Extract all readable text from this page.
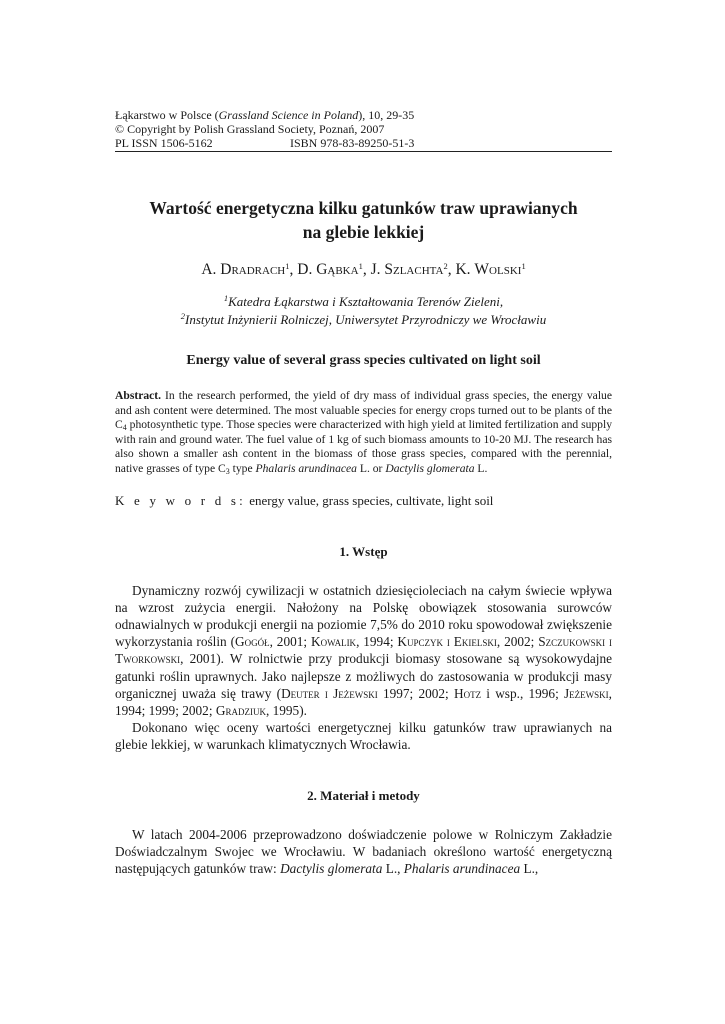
Łąkarstwo w Polsce (Grassland Science in Poland), 10, 29-35
© Copyright by Polish Grassland Society, Poznań, 2007
PL ISSN 1506-5162	ISBN 978-83-89250-51-3
Wartość energetyczna kilku gatunków traw uprawianych
na glebie lekkiej
A. Dradrach$^1$, D. Gąbka$^1$, J. Szlachta$^2$, K. Wolski$^1$
$^1$Katedra Łąkarstwa i Kształtowania Terenów Zieleni,
$^2$Instytut Inżynierii Rolniczej, Uniwersytet Przyrodniczy we Wrocławiu
Energy value of several grass species cultivated on light soil

Abstract. In the research performed, the yield of dry mass of individual grass species, the energy value and ash content were determined. The most valuable species for energy crops turned out to be plants of the $C_4$ photosynthetic type. Those species were characterized with high yield at limited fertilization and supply with rain and ground water. The fuel value of 1 kg of such biomass amounts to 10-20 MJ. The research has also shown a smaller ash content in the biomass of those grass species, compared with the perennial, native grasses of type $C_3$ type Phalaris arundinacea L. or Dactylis glomerata L.

K e y w o r d s: energy value, grass species, cultivate, light soil

1. Wstęp

Dynamiczny rozwój cywilizacji w ostatnich dziesięcioleciach na całym świecie wpływa na wzrost zużycia energii. Nałożony na Polskę obowiązek stosowania surowców odnawialnych w produkcji energii na poziomie 7,5% do 2010 roku spowodował zwiększenie wykorzystania roślin (Gogół, 2001; Kowalik, 1994; Kupczyk i Ekielski, 2002; Szczukowski i Tworkowski, 2001). W rolnictwie przy produkcji biomasy stosowane są wysokowydajne gatunki roślin uprawnych. Jako najlepsze z możliwych do zastosowania w produkcji masy organicznej uważa się trawy (Deuter i Jeżewski 1997; 2002; Hotz i wsp., 1996; Jeżewski, 1994; 1999; 2002; Gradziuk, 1995).

Dokonano więc oceny wartości energetycznej kilku gatunków traw uprawianych na glebie lekkiej, w warunkach klimatycznych Wrocławia.

2. Materiał i metody

W latach 2004-2006 przeprowadzono doświadczenie polowe w Rolniczym Zakładzie Doświadczalnym Swojec we Wrocławiu. W badaniach określono wartość energetyczną następujących gatunków traw: Dactylis glomerata L., Phalaris arundinacea L.,
